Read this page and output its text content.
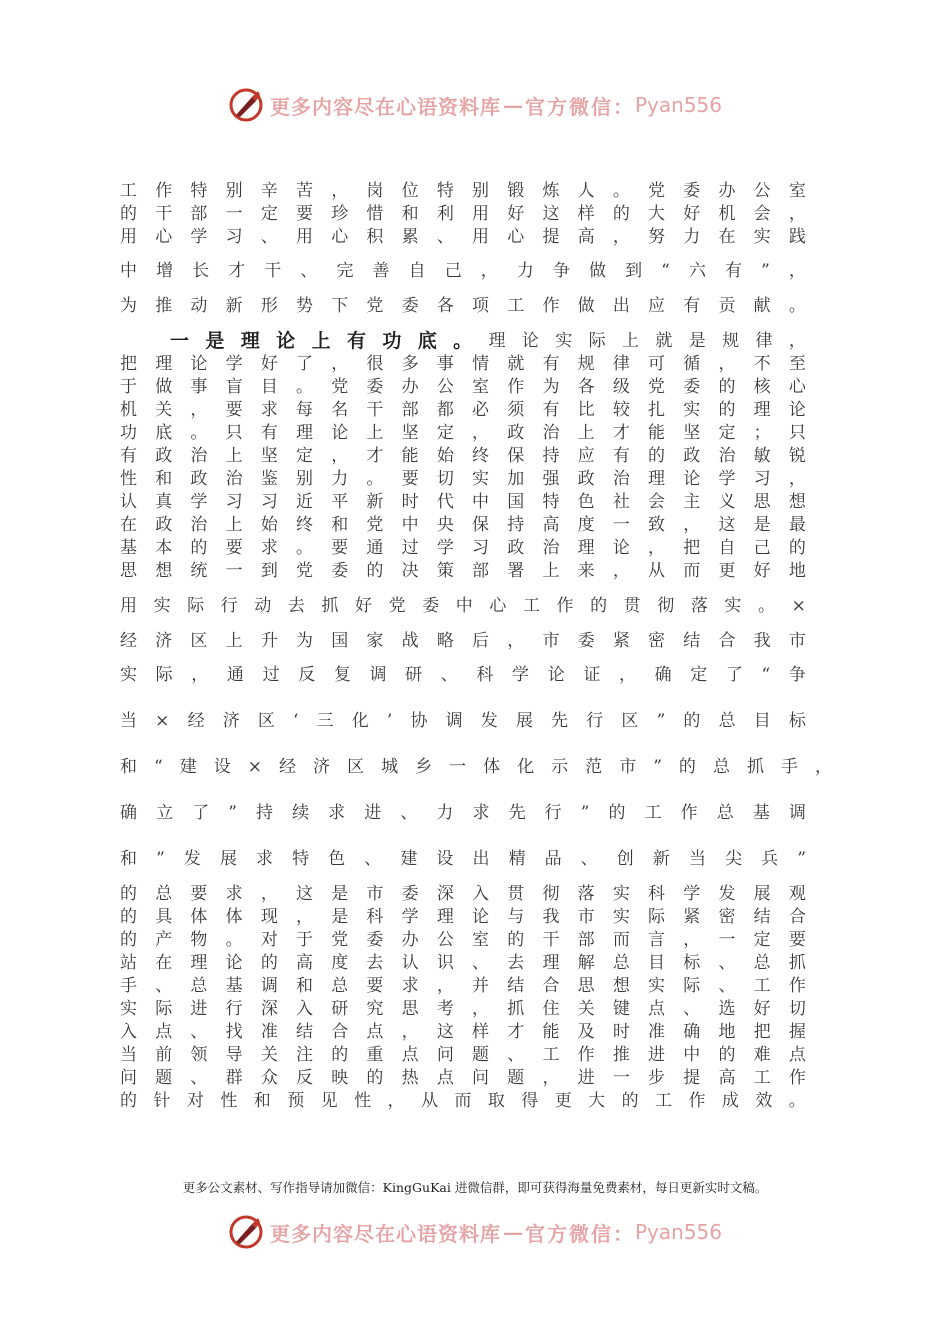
更多内容尽在心语资料库 — 官方微信： Pyan556
工 作 特 别 辛 苦 ， 岗 位 特 别 锻 炼 人 。 党 委 办 公 室
的 干 部 一 定 要 珍 惜 和 利 用 好 这 样 的 大 好 机 会 ，
用 心 学 习 、 用 心 积 累 、 用 心 提 高 ， 努 力 在 实 践
中 增 长 才 干 、 完 善 自 己 ， 力 争 做 到 “ 六 有 ” ，
为 推 动 新 形 势 下 党 委 各 项 工 作 做 出 应 有 贡 献 。
一 是 理 论 上 有 功 底 。 理 论 实 际 上 就 是 规 律 ，
把 理 论 学 好 了 ， 很 多 事 情 就 有 规 律 可 循 ， 不 至
于 做 事 盲 目 。 党 委 办 公 室 作 为 各 级 党 委 的 核 心
机 关 ， 要 求 每 名 干 部 都 必 须 有 比 较 扎 实 的 理 论
功 底 。 只 有 理 论 上 坚 定 ， 政 治 上 才 能 坚 定 ； 只
有 政 治 上 坚 定 ， 才 能 始 终 保 持 应 有 的 政 治 敏 锐
性 和 政 治 鉴 别 力 。 要 切 实 加 强 政 治 理 论 学 习 ，
认 真 学 习 习 近 平 新 时 代 中 国 特 色 社 会 主 义 思 想
在 政 治 上 始 终 和 党 中 央 保 持 高 度 一 致 ， 这 是 最
基 本 的 要 求 。 要 通 过 学 习 政 治 理 论 ， 把 自 己 的
思 想 统 一 到 党 委 的 决 策 部 署 上 来 ， 从 而 更 好 地
用 实 际 行 动 去 抓 好 党 委 中 心 工 作 的 贯 彻 落 实 。 ×
经 济 区 上 升 为 国 家 战 略 后 ， 市 委 紧 密 结 合 我 市
实 际 ， 通 过 反 复 调 研 、 科 学 论 证 ， 确 定 了 “ 争
当 × 经 济 区 ‘ 三 化 ’ 协 调 发 展 先 行 区 ” 的 总 目 标
和 “ 建 设 × 经 济 区 城 乡 一 体 化 示 范 市 ” 的 总 抓 手 ，
确 立 了 ” 持 续 求 进 、 力 求 先 行 ” 的 工 作 总 基 调
和 ” 发 展 求 特 色 、 建 设 出 精 品 、 创 新 当 尖 兵 ”
的 总 要 求 ， 这 是 市 委 深 入 贯 彻 落 实 科 学 发 展 观
的 具 体 体 现 ， 是 科 学 理 论 与 我 市 实 际 紧 密 结 合
的 产 物 。 对 于 党 委 办 公 室 的 干 部 而 言 ， 一 定 要
站 在 理 论 的 高 度 去 认 识 、 去 理 解 总 目 标 、 总 抓
手 、 总 基 调 和 总 要 求 ， 并 结 合 思 想 实 际 、 工 作
实 际 进 行 深 入 研 究 思 考 ， 抓 住 关 键 点 、 选 好 切
入 点 、 找 准 结 合 点 ， 这 样 才 能 及 时 准 确 地 把 握
当 前 领 导 关 注 的 重 点 问 题 、 工 作 推 进 中 的 难 点
问 题 、 群 众 反 映 的 热 点 问 题 ， 进 一 步 提 高 工 作
的 针 对 性 和 预 见 性 ， 从 而 取 得 更 大 的 工 作 成 效 。
更多公文素材、写作指导请加微信：KingGuKai 进微信群，即可获得海量免费素材，每日更新实时文稿。
更多内容尽在心语资料库 — 官方微信： Pyan556
